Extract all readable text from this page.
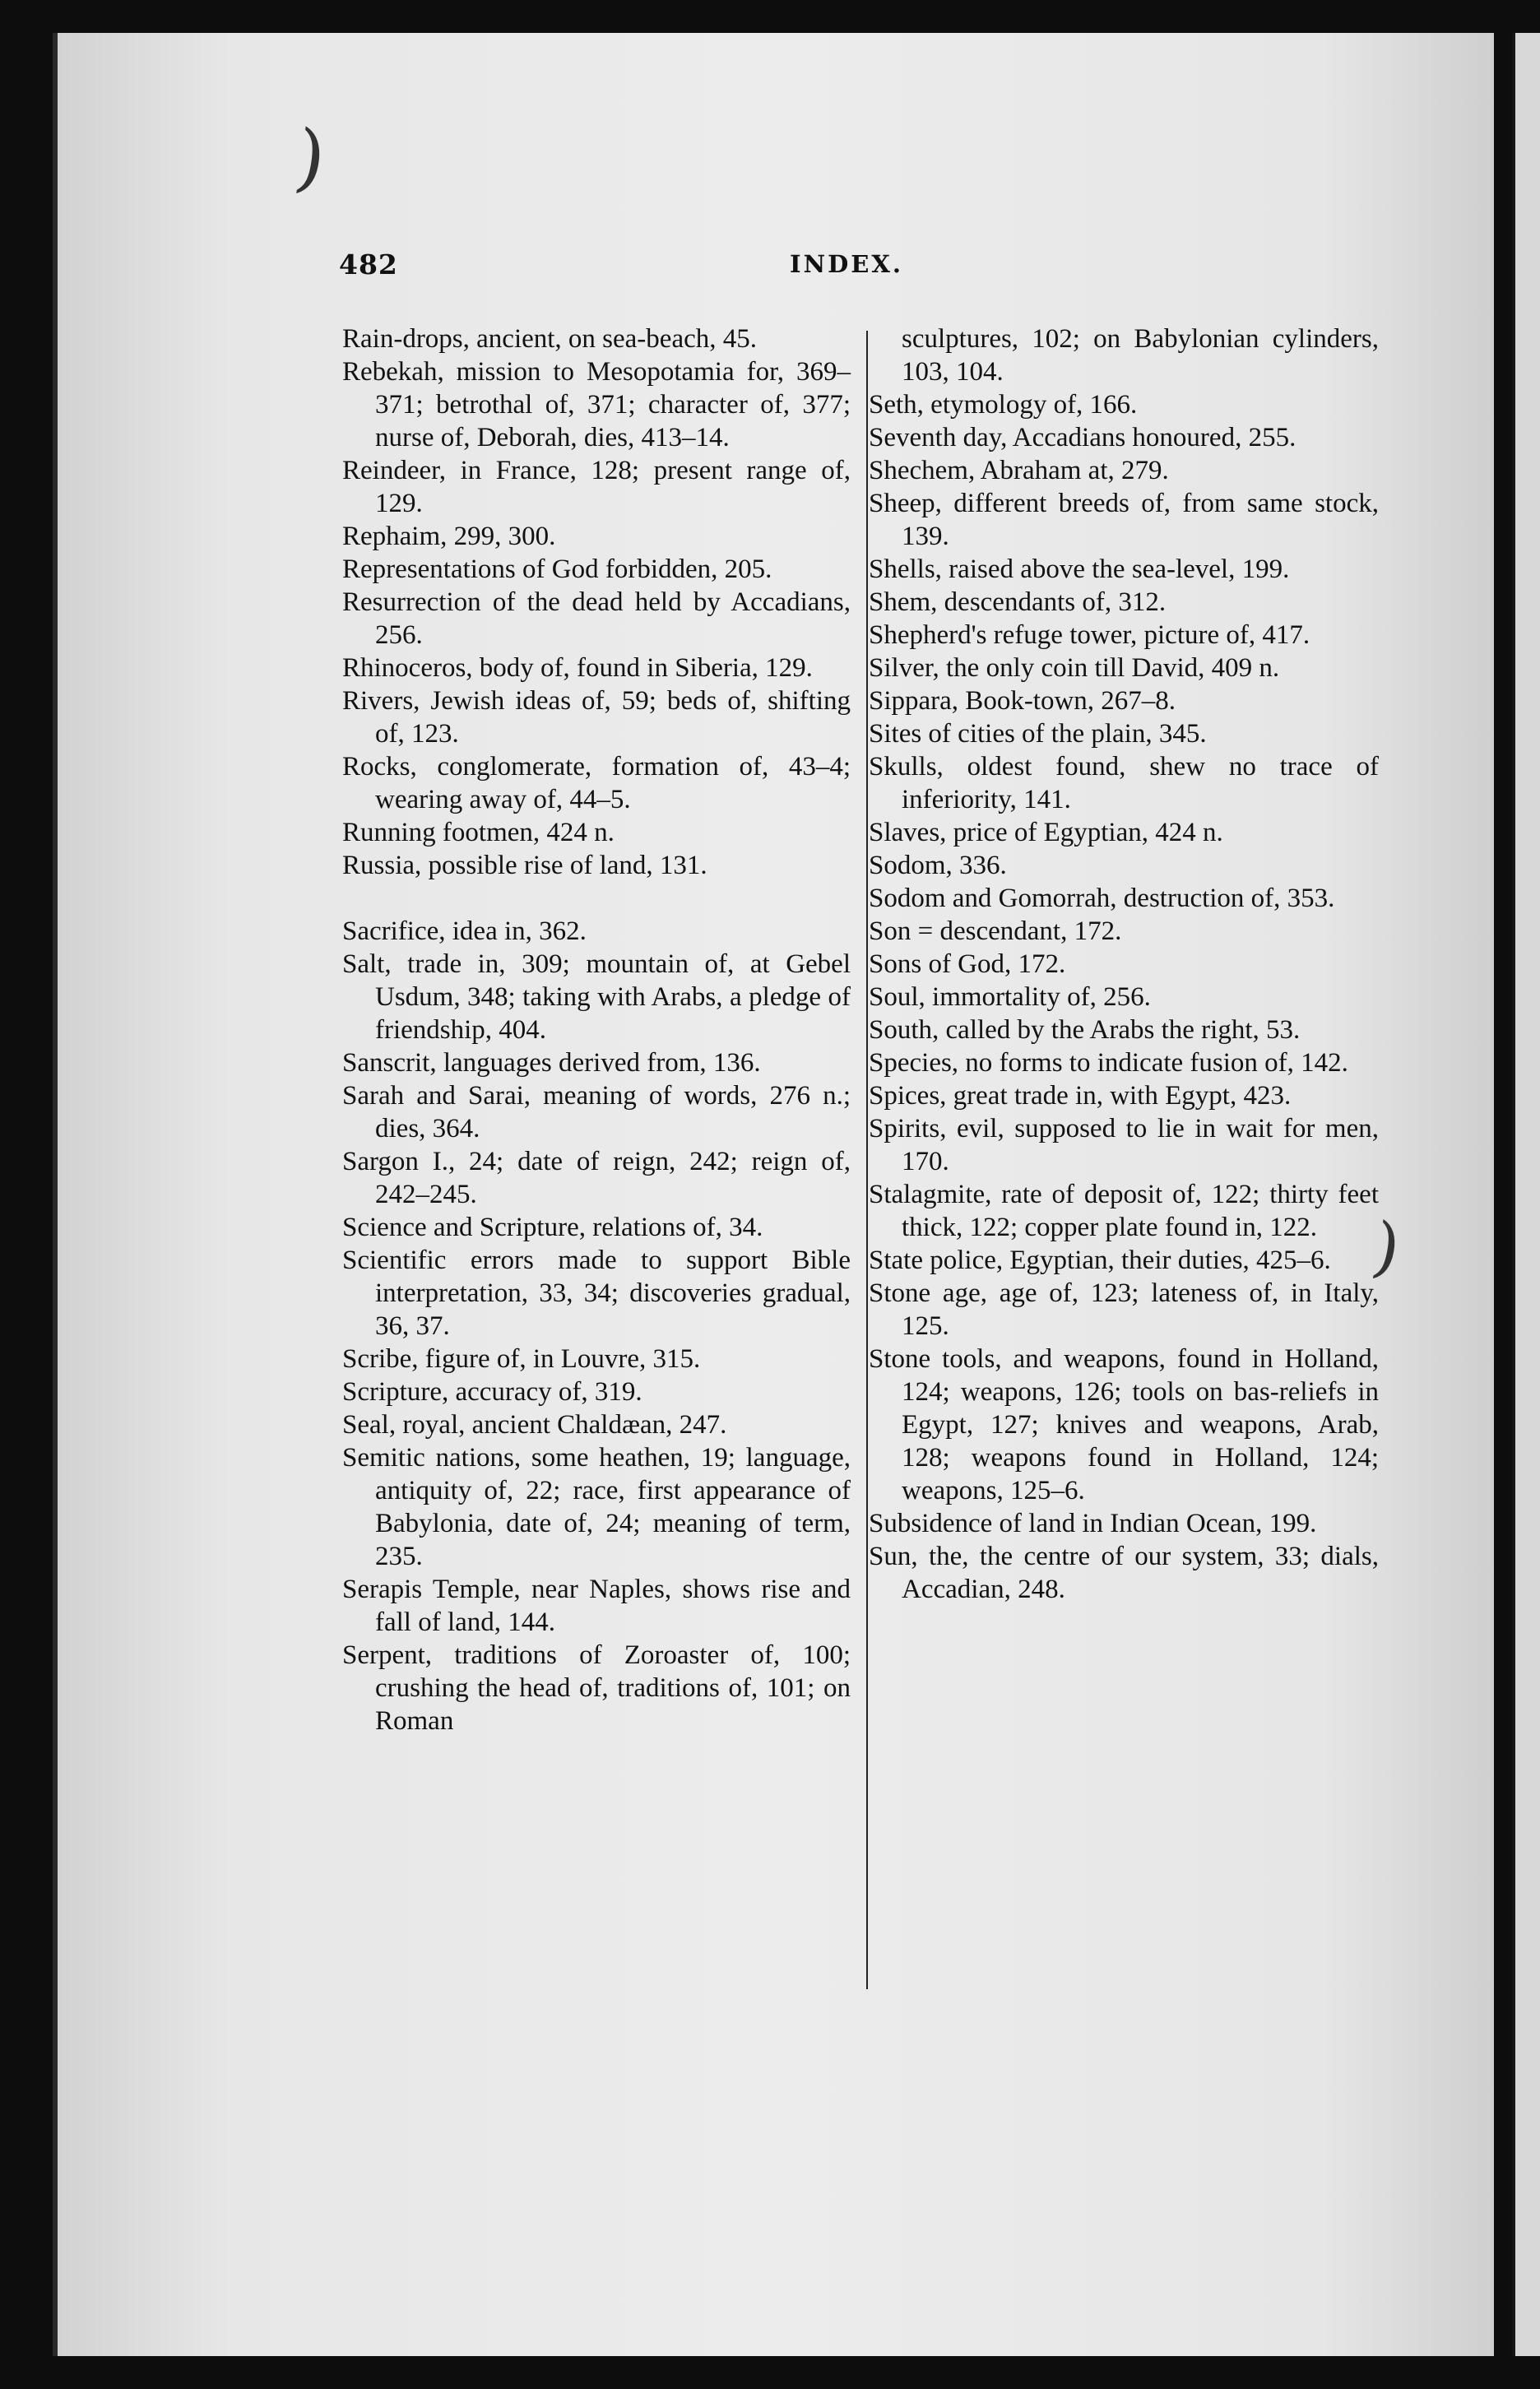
)
)
482	INDEX.

Rain-drops, ancient, on sea-beach, 45.

Rebekah, mission to Mesopotamia for, 369–371; betrothal of, 371; character of, 377; nurse of, Deborah, dies, 413–14.

Reindeer, in France, 128; present range of, 129.

Rephaim, 299, 300.

Representations of God forbidden, 205.

Resurrection of the dead held by Accadians, 256.

Rhinoceros, body of, found in Siberia, 129.

Rivers, Jewish ideas of, 59; beds of, shifting of, 123.

Rocks, conglomerate, formation of, 43–4; wearing away of, 44–5.

Running footmen, 424 n.

Russia, possible rise of land, 131.

Sacrifice, idea in, 362.

Salt, trade in, 309; mountain of, at Gebel Usdum, 348; taking with Arabs, a pledge of friendship, 404.

Sanscrit, languages derived from, 136.

Sarah and Sarai, meaning of words, 276 n.; dies, 364.

Sargon I., 24; date of reign, 242; reign of, 242–245.

Science and Scripture, relations of, 34.

Scientific errors made to support Bible interpretation, 33, 34; discoveries gradual, 36, 37.

Scribe, figure of, in Louvre, 315.

Scripture, accuracy of, 319.

Seal, royal, ancient Chaldæan, 247.

Semitic nations, some heathen, 19; language, antiquity of, 22; race, first appearance of Babylonia, date of, 24; meaning of term, 235.

Serapis Temple, near Naples, shows rise and fall of land, 144.

Serpent, traditions of Zoroaster of, 100; crushing the head of, traditions of, 101; on Roman

sculptures, 102; on Babylonian cylinders, 103, 104.

Seth, etymology of, 166.

Seventh day, Accadians honoured, 255.

Shechem, Abraham at, 279.

Sheep, different breeds of, from same stock, 139.

Shells, raised above the sea-level, 199.

Shem, descendants of, 312.

Shepherd's refuge tower, picture of, 417.

Silver, the only coin till David, 409 n.

Sippara, Book-town, 267–8.

Sites of cities of the plain, 345.

Skulls, oldest found, shew no trace of inferiority, 141.

Slaves, price of Egyptian, 424 n.

Sodom, 336.

Sodom and Gomorrah, destruction of, 353.

Son = descendant, 172.

Sons of God, 172.

Soul, immortality of, 256.

South, called by the Arabs the right, 53.

Species, no forms to indicate fusion of, 142.

Spices, great trade in, with Egypt, 423.

Spirits, evil, supposed to lie in wait for men, 170.

Stalagmite, rate of deposit of, 122; thirty feet thick, 122; copper plate found in, 122.

State police, Egyptian, their duties, 425–6.

Stone age, age of, 123; lateness of, in Italy, 125.

Stone tools, and weapons, found in Holland, 124; weapons, 126; tools on bas-reliefs in Egypt, 127; knives and weapons, Arab, 128; weapons found in Holland, 124; weapons, 125–6.

Subsidence of land in Indian Ocean, 199.

Sun, the, the centre of our system, 33; dials, Accadian, 248.
